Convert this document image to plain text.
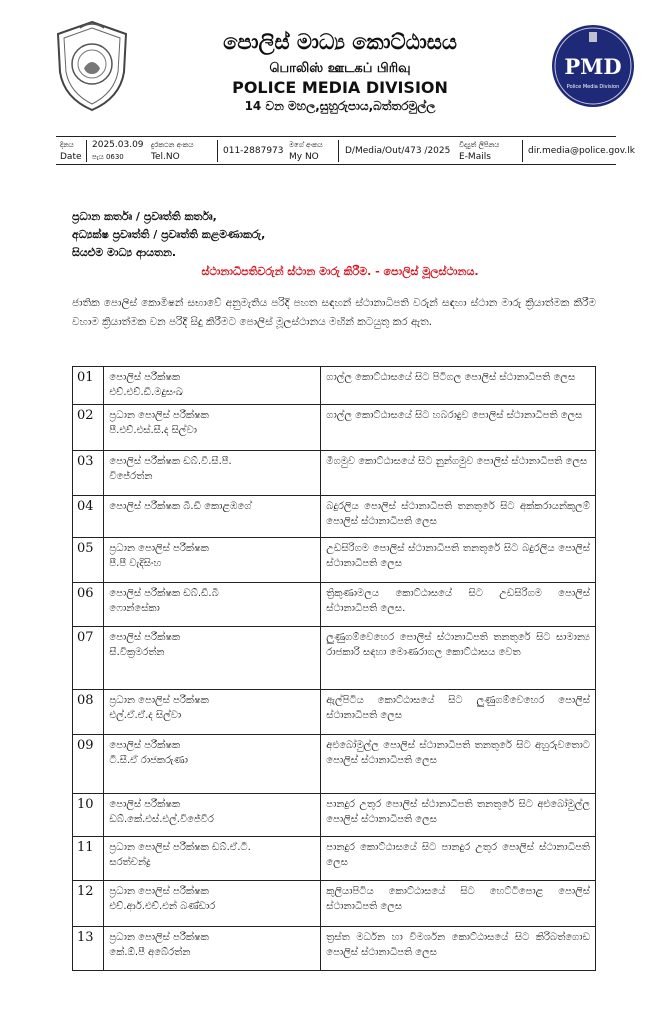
පොලිස් මාධ්‍ය කොට්ඨාසය
பொலிஸ் ஊடகப் பிரிவு
POLICE MEDIA DIVISION
14 වන මහල,සුහුරුපාය,බත්තරමුල්ල
PMD
Police Media Division
දිනය
Date
2025.03.09
පැය 0630
දුරකථන අංකය
Tel.NO
011-2887973
මගේ අංකය
My NO
D/Media/Out/473 /2025
විද්‍යුත් ලිපිනය
E-Mails
dir.media@police.gov.lk
ප්‍රධාන කර්තෘ / ප්‍රවෘත්ති කර්තෘ,
අධ්‍යක්ෂ ප්‍රවෘත්ති / ප්‍රවෘත්ති කළමණාකරු,
සියළුම මාධ්‍ය ආයතන.
ස්ථානාධිපතිවරුන් ස්ථාන මාරු කිරීම. - පොලිස් මූලස්ථානය.
ජාතික පොලිස් කොමිෂන් සභාවේ අනුමැතිය පරිදි පහත සඳහන් ස්ථානාධිපති වරුන් සඳහා ස්ථාන මාරු ක්‍රියාත්මක කිරීම වහාම ක්‍රියාත්මක වන පරිදි සිදු කිරීමට පොලිස් මූලස්ථානය මඟින් කටයුතු කර ඇත.
01	පොලිස් පරීක්ෂක
එච්.එච්.ඩී.මදුසංඛ	ගාල්ල කොට්ඨාසයේ සිට පිටිගල පොලිස් ස්ථානාධිපති ලෙස
02	ප්‍රධාන පොලිස් පරීක්ෂක
පී.එච්.එස්.සී.ද සිල්වා	ගාල්ල කොට්ඨාසයේ සිට හබරාදුව පොලිස් ස්ථානාධිපති ලෙස
03	පොලිස් පරීක්ෂක ඩබ්.වී.සී.පී.
විජේරත්න	මීගමුව කොට්ඨාසයේ සිට නුන්ගමුව පොලිස් ස්ථානාධිපති ලෙස
04	පොලිස් පරීක්ෂක බී.ඩී කොළඹගේ	බදුරලිය පොලිස් ස්ථානාධිපති තනතුරේ සිට අක්කරායන්කුලම් පොලිස් ස්ථානාධිපති ලෙස
05	ප්‍රධාන පොලිස් පරීක්ෂක
පී.පී වැදිසිංහ	උඩසිරිගම පොලිස් ස්ථානාධිපති තනතුරේ සිට බදුරලිය පොලිස් ස්ථානාධිපති ලෙස
06	පොලිස් පරීක්ෂක ඩබ්.ඩී.බී
ෆොන්සේකා	ත්‍රිකුණාමලය කොට්ඨාසයේ සිට උඩසිරිගම පොලිස් ස්ථානාධිපති ලෙස.
07	පොලිස් පරීක්ෂක
සී.වික්‍රමරත්න	ලුණුගම්වෙහෙර පොලිස් ස්ථානාධිපති තනතුරේ සිට සාමාන්‍ය රාජකාරි සඳහා මොණරාගල කොට්ඨාසය වෙත
08	ප්‍රධාන පොලිස් පරීක්ෂක
එල්.ඒ.ඒ.ද සිල්වා	ඇල්පිටිය කොට්ඨාසයේ සිට ලුණුගම්වෙහෙර පොලිස් ස්ථානාධිපති ලෙස
09	පොලිස් පරීක්ෂක
ටී.සී.ඒ රාජකරුණා	අළුබෝමුල්ල පොලිස් ස්ථානාධිපති තනතුරේ සිට අහුරුවතොට පොලිස් ස්ථානාධිපති ලෙස
10	පොලිස් පරීක්ෂක
ඩබ්.කේ.එස්.එල්.විජේවීර	පානදුර උතුර පොලිස් ස්ථානාධිපති තනතුරේ සිට අළුබෝමුල්ල පොලිස් ස්ථානාධිපති ලෙස
11	ප්‍රධාන පොලිස් පරීක්ෂක ඩබ්.ඒ.ටී.
සරත්චන්ද්‍ර	පානදුර කොට්ඨාසයේ සිට පානදුර උතුර පොලිස් ස්ථානාධිපති ලෙස
12	ප්‍රධාන පොලිස් පරීක්ෂක
එච්.ආර්.එච්.එන් බණ්ඩාර	කුලියාපිටිය කොට්ඨාසයේ සිට හෙට්ටිපොළ පොලිස් ස්ථානාධිපති ලෙස
13	ප්‍රධාන පොලිස් පරීක්ෂක
කේ.ඕ.පී අබේරත්න	ත්‍රස්ත මර්ධන හා විමර්ශන කොට්ඨාසයේ සිට කිරිබත්ගොඩ පොලිස් ස්ථානාධිපති ලෙස
